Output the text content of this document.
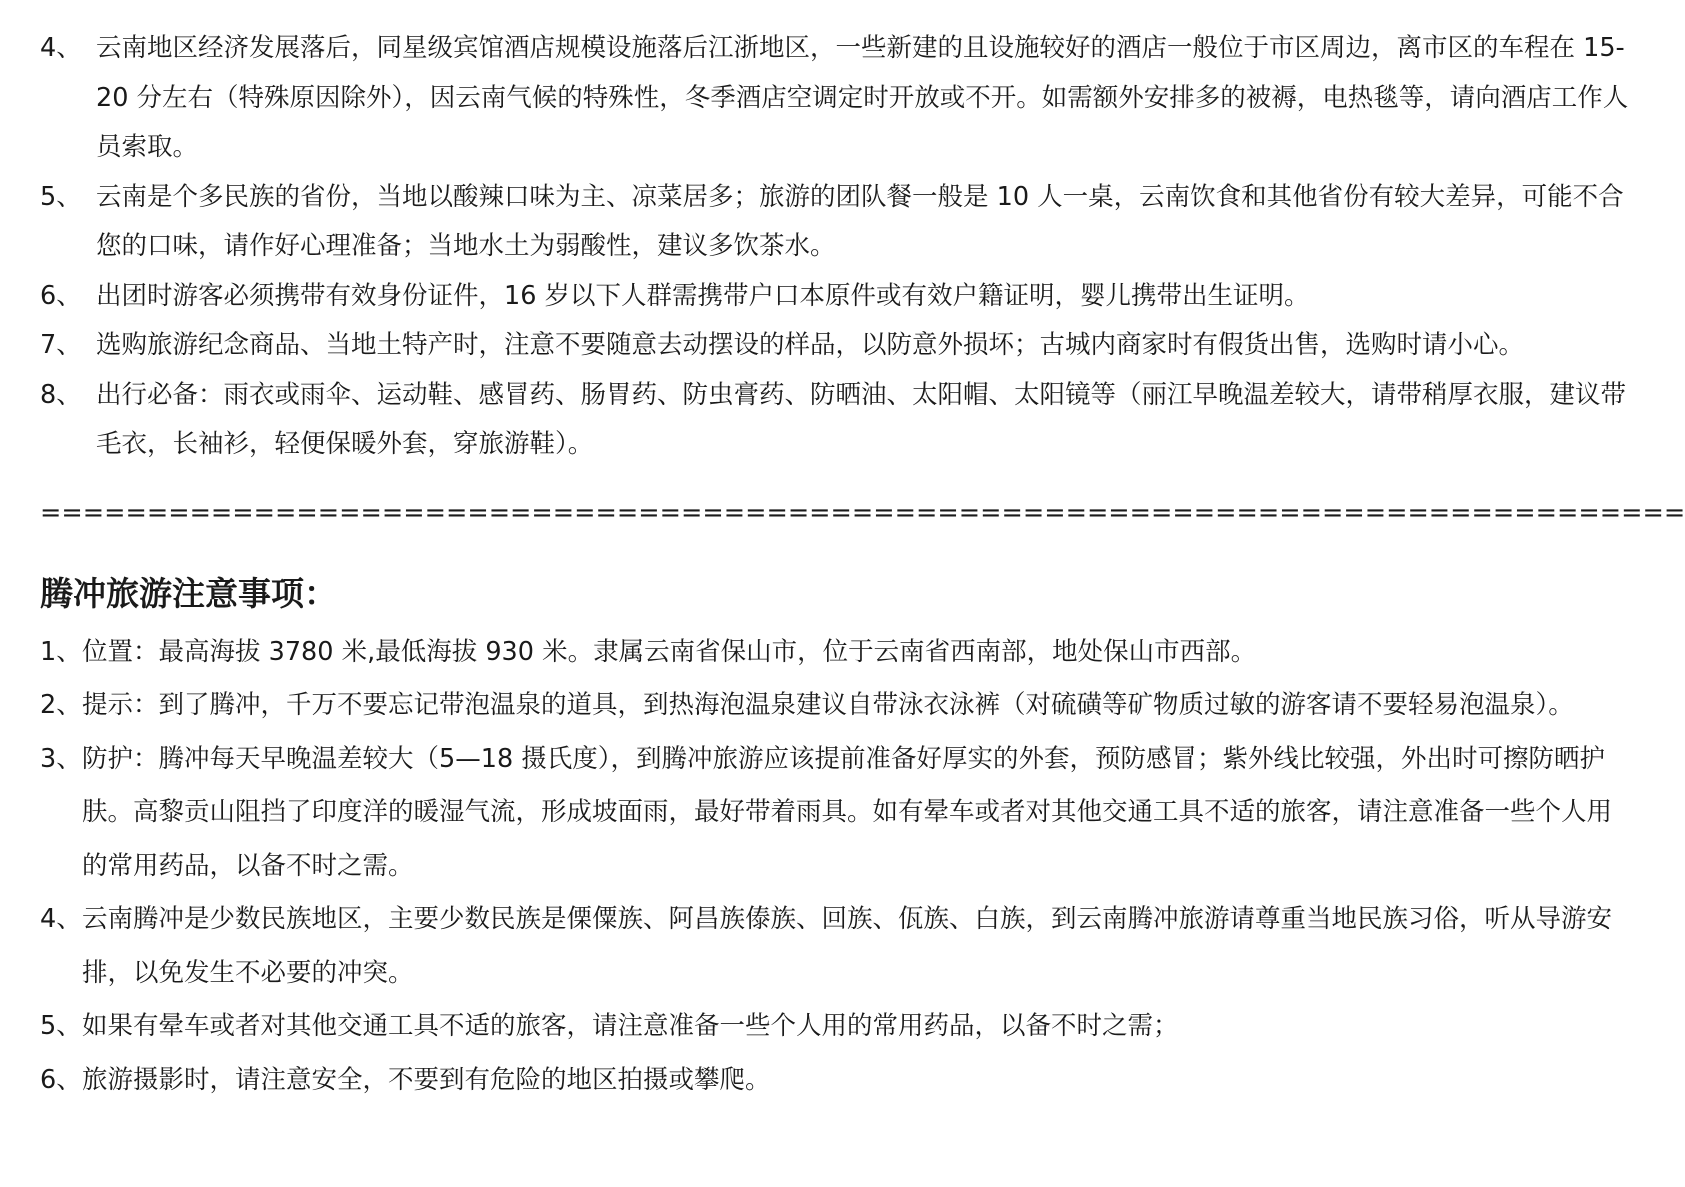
4、 云南地区经济发展落后，同星级宾馆酒店规模设施落后江浙地区，一些新建的且设施较好的酒店一般位于市区周边，离市区的车程在 15-20 分左右（特殊原因除外），因云南气候的特殊性，冬季酒店空调定时开放或不开。如需额外安排多的被褥，电热毯等，请向酒店工作人员索取。
5、 云南是个多民族的省份，当地以酸辣口味为主、凉菜居多；旅游的团队餐一般是 10 人一桌，云南饮食和其他省份有较大差异，可能不合您的口味，请作好心理准备；当地水土为弱酸性，建议多饮茶水。
6、 出团时游客必须携带有效身份证件，16 岁以下人群需携带户口本原件或有效户籍证明，婴儿携带出生证明。
7、 选购旅游纪念商品、当地土特产时，注意不要随意去动摆设的样品，以防意外损坏；古城内商家时有假货出售，选购时请小心。
8、 出行必备：雨衣或雨伞、运动鞋、感冒药、肠胃药、防虫膏药、防晒油、太阳帽、太阳镜等（丽江早晚温差较大，请带稍厚衣服，建议带毛衣，长袖衫，轻便保暖外套，穿旅游鞋）。
=============================================================================
腾冲旅游注意事项：
1、 位置：最高海拔 3780 米,最低海拔 930 米。隶属云南省保山市，位于云南省西南部，地处保山市西部。
2、 提示：到了腾冲，千万不要忘记带泡温泉的道具，到热海泡温泉建议自带泳衣泳裤（对硫磺等矿物质过敏的游客请不要轻易泡温泉）。
3、 防护：腾冲每天早晚温差较大（5—18 摄氏度），到腾冲旅游应该提前准备好厚实的外套，预防感冒；紫外线比较强，外出时可擦防晒护肤。高黎贡山阻挡了印度洋的暖湿气流，形成坡面雨，最好带着雨具。如有晕车或者对其他交通工具不适的旅客，请注意准备一些个人用的常用药品，以备不时之需。
4、 云南腾冲是少数民族地区，主要少数民族是傈僳族、阿昌族傣族、回族、佤族、白族，到云南腾冲旅游请尊重当地民族习俗，听从导游安排，以免发生不必要的冲突。
5、 如果有晕车或者对其他交通工具不适的旅客，请注意准备一些个人用的常用药品，以备不时之需；
6、 旅游摄影时，请注意安全，不要到有危险的地区拍摄或攀爬。
